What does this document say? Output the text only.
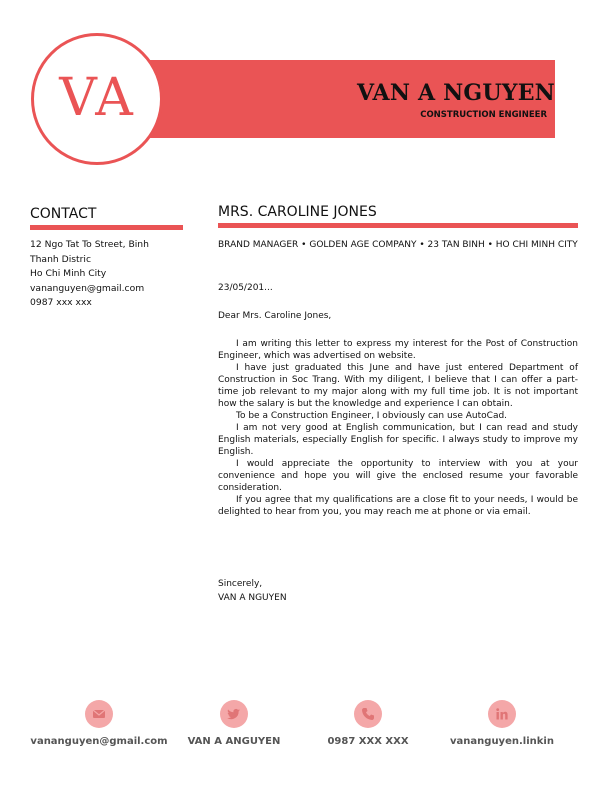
VAN A NGUYEN
CONSTRUCTION ENGINEER
VA
CONTACT
12 Ngo Tat To Street, Binh
Thanh Distric
Ho Chi Minh City
vananguyen@gmail.com
0987 xxx xxx
MRS. CAROLINE JONES
BRAND MANAGER • GOLDEN AGE COMPANY • 23 TAN BINH • HO CHI MINH CITY
23/05/201...
Dear Mrs. Caroline Jones,

I am writing this letter to express my interest for the Post of Construction Engineer, which was advertised on website.

I have just graduated this June and have just entered Department of Construction in Soc Trang. With my diligent, I believe that I can offer a part-time job relevant to my major along with my full time job. It is not important how the salary is but the knowledge and experience I can obtain.

To be a Construction Engineer, I obviously can use AutoCad.

I am not very good at English communication, but I can read and study English materials, especially English for specific. I always study to improve my English.

I would appreciate the opportunity to interview with you at your convenience and hope you will give the enclosed resume your favorable consideration.

If you agree that my qualifications are a close fit to your needs, I would be delighted to hear from you, you may reach me at phone or via email.

Sincerely,
VAN A NGUYEN
vananguyen@gmail.com	VAN A ANGUYEN	0987 XXX XXX	vananguyen.linkin
